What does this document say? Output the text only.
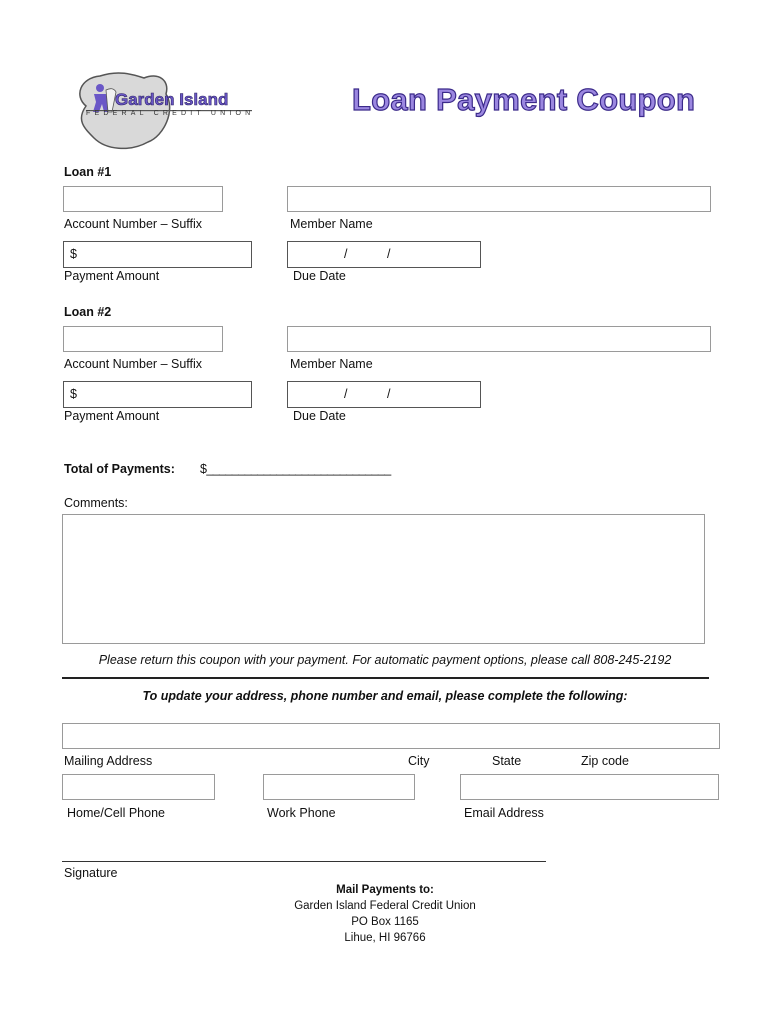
Garden Island
FEDERAL CREDIT UNION	Loan Payment Coupon
Loan #1
Account Number – Suffix	Member Name
$	/ /
Payment Amount	Due Date
Loan #2
Account Number – Suffix	Member Name
$	/ /
Payment Amount	Due Date
Total of Payments: $_____________________________
Comments:
Please return this coupon with your payment. For automatic payment options, please call 808-245-2192
To update your address, phone number and email, please complete the following:
Mailing Address	City	State	Zip code
Home/Cell Phone	Work Phone	Email Address
Signature
Mail Payments to:
Garden Island Federal Credit Union
PO Box 1165
Lihue, HI 96766
